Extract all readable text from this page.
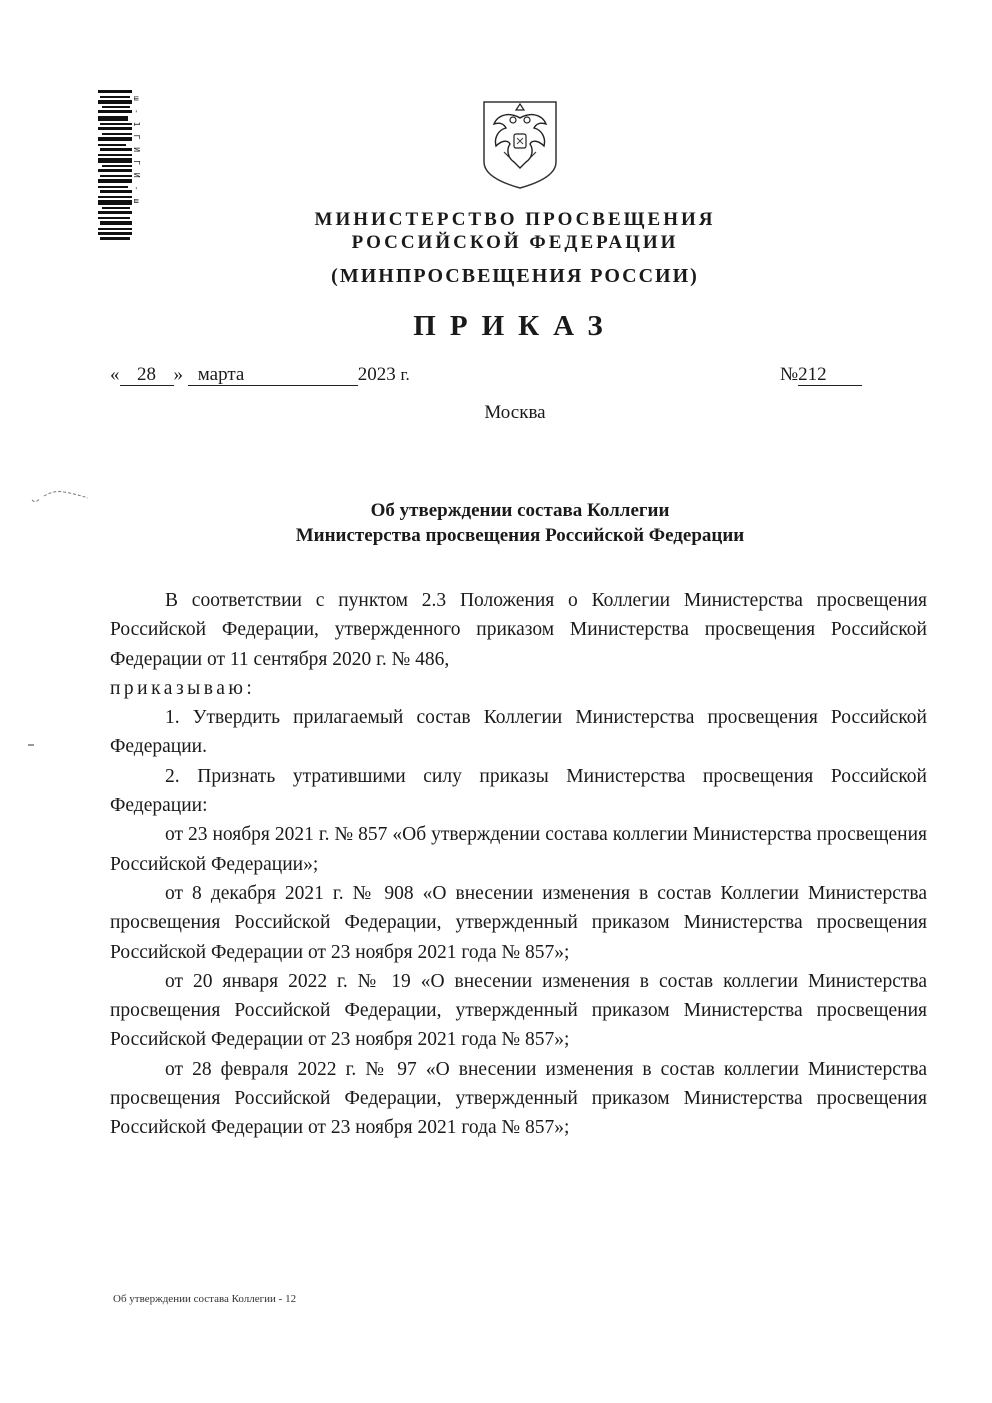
ш-1ГИГИ-ш
МИНИСТЕРСТВО ПРОСВЕЩЕНИЯ
РОССИЙСКОЙ ФЕДЕРАЦИИ
(МИНПРОСВЕЩЕНИЯ РОССИИ)
ПРИКАЗ
« 28 » марта	2023 г.	№212
Москва
Об утверждении состава Коллегии
Министерства просвещения Российской Федерации

В соответствии с пунктом 2.3 Положения о Коллегии Министерства просвещения Российской Федерации, утвержденного приказом Министерства просвещения Российской Федерации от 11 сентября 2020 г. № 486,

приказываю:

1. Утвердить прилагаемый состав Коллегии Министерства просвещения Российской Федерации.

2. Признать утратившими силу приказы Министерства просвещения Российской Федерации:

от 23 ноября 2021 г. № 857 «Об утверждении состава коллегии Министерства просвещения Российской Федерации»;

от 8 декабря 2021 г. № 908 «О внесении изменения в состав Коллегии Министерства просвещения Российской Федерации, утвержденный приказом Министерства просвещения Российской Федерации от 23 ноября 2021 года № 857»;

от 20 января 2022 г. № 19 «О внесении изменения в состав коллегии Министерства просвещения Российской Федерации, утвержденный приказом Министерства просвещения Российской Федерации от 23 ноября 2021 года № 857»;

от 28 февраля 2022 г. № 97 «О внесении изменения в состав коллегии Министерства просвещения Российской Федерации, утвержденный приказом Министерства просвещения Российской Федерации от 23 ноября 2021 года № 857»;

Об утверждении состава Коллегии - 12
